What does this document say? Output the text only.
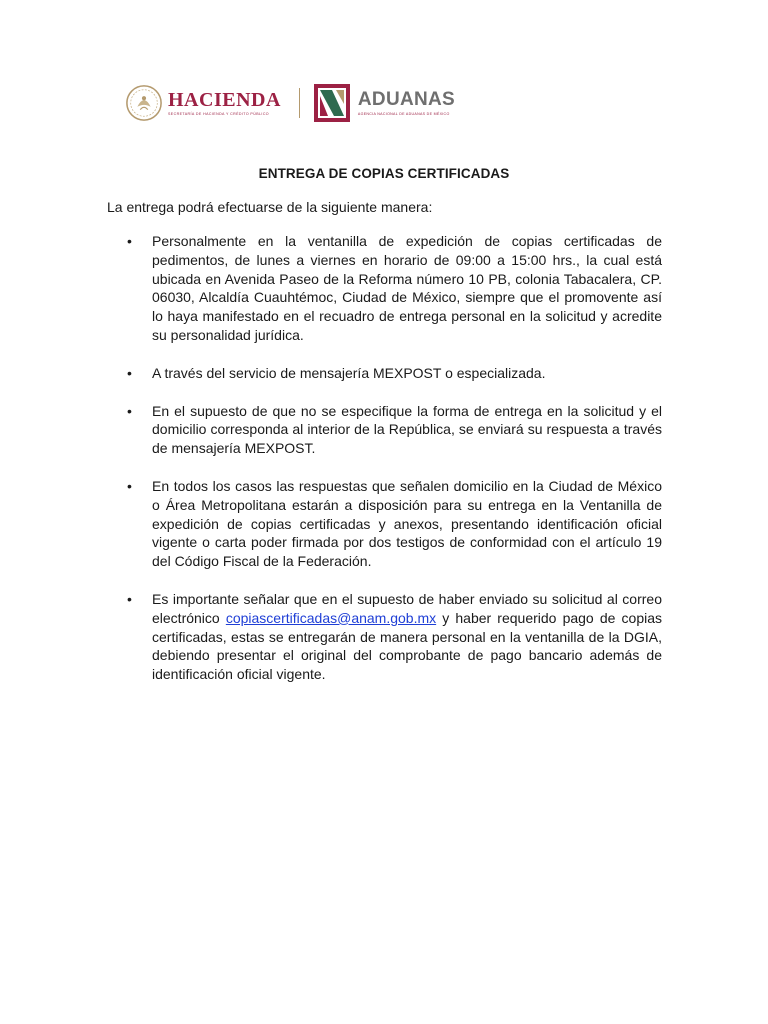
HACIENDA
SECRETARÍA DE HACIENDA Y CRÉDITO PÚBLICO
ADUANAS
AGENCIA NACIONAL DE ADUANAS DE MÉXICO
ENTREGA DE COPIAS CERTIFICADAS
La entrega podrá efectuarse de la siguiente manera:
• Personalmente en la ventanilla de expedición de copias certificadas de pedimentos, de lunes a viernes en horario de 09:00 a 15:00 hrs., la cual está ubicada en Avenida Paseo de la Reforma número 10 PB, colonia Tabacalera, CP. 06030, Alcaldía Cuauhtémoc, Ciudad de México, siempre que el promovente así lo haya manifestado en el recuadro de entrega personal en la solicitud y acredite su personalidad jurídica.
• A través del servicio de mensajería MEXPOST o especializada.
• En el supuesto de que no se especifique la forma de entrega en la solicitud y el domicilio corresponda al interior de la República, se enviará su respuesta a través de mensajería MEXPOST.
• En todos los casos las respuestas que señalen domicilio en la Ciudad de México o Área Metropolitana estarán a disposición para su entrega en la Ventanilla de expedición de copias certificadas y anexos, presentando identificación oficial vigente o carta poder firmada por dos testigos de conformidad con el artículo 19 del Código Fiscal de la Federación.
• Es importante señalar que en el supuesto de haber enviado su solicitud al correo electrónico copiascertificadas@anam.gob.mx y haber requerido pago de copias certificadas, estas se entregarán de manera personal en la ventanilla de la DGIA, debiendo presentar el original del comprobante de pago bancario además de identificación oficial vigente.
